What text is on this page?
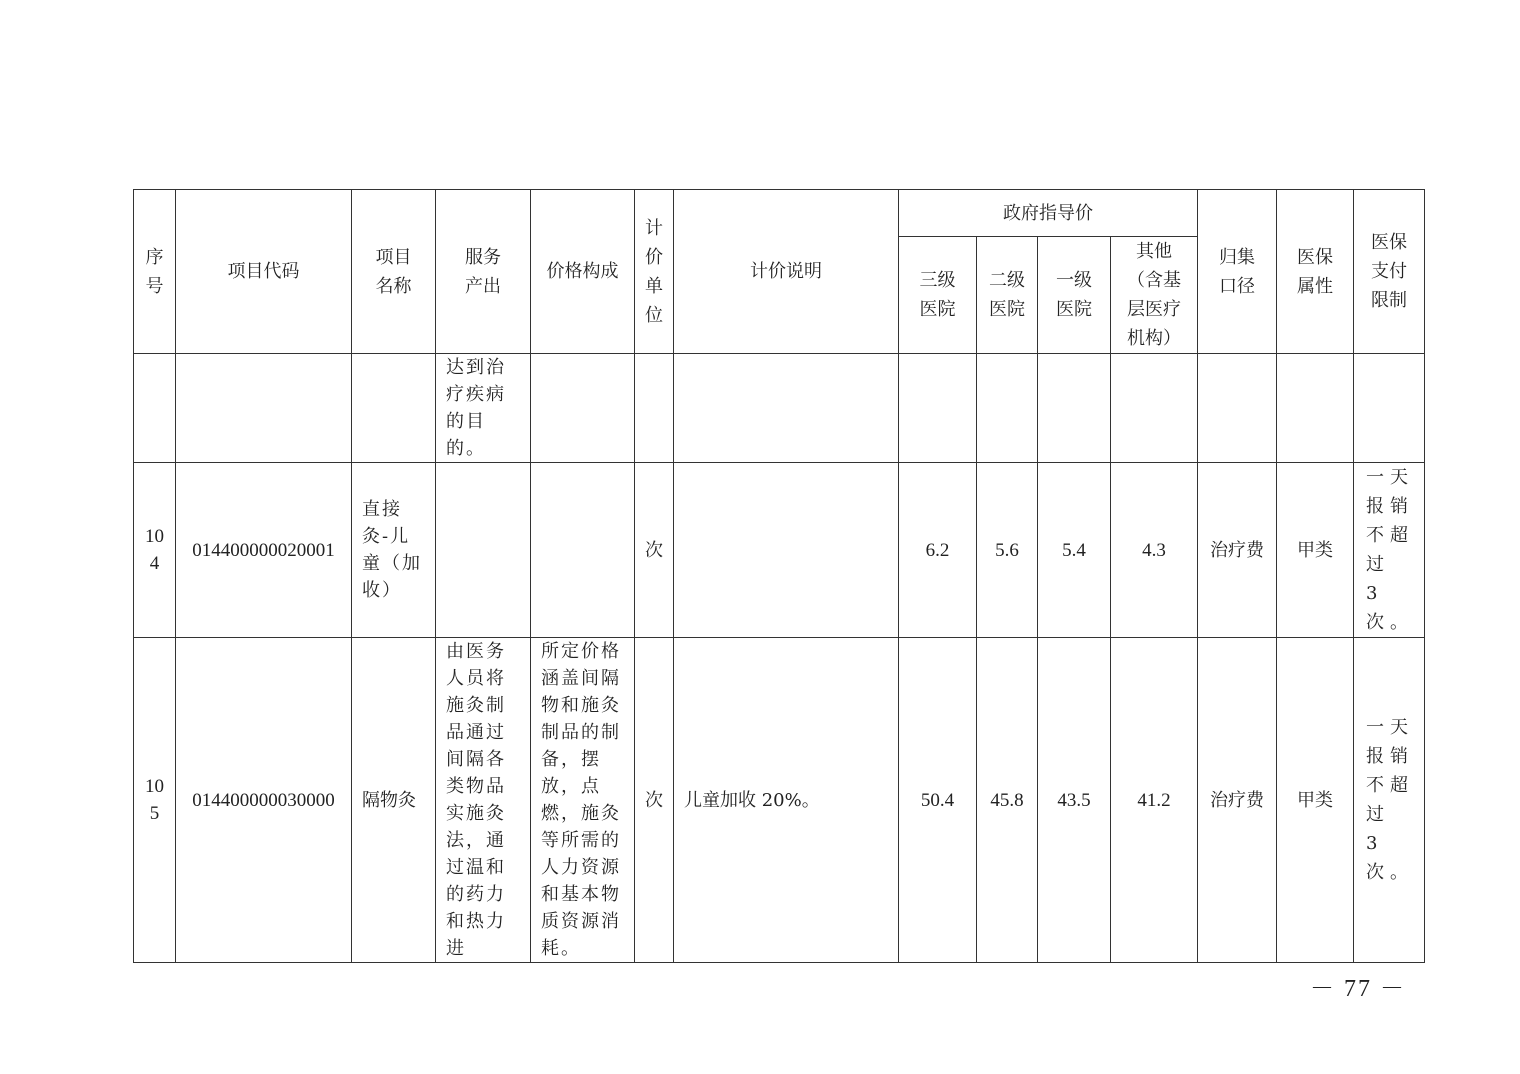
序号	项目代码	项目名称	服务产出	价格构成	计价单位	计价说明	政府指导价				归集口径	医保属性	医保支付限制

							三级医院	二级医院	一级医院	其他（含基层医疗机构）			

			达到治疗疾病的目的。										

104	014400000020001	直接灸-儿童（加收）			次		6.2	5.6	5.4	4.3	治疗费	甲类	一天报销不超过 3 次。

105	014400000030000	隔物灸	由医务人员将施灸制品通过间隔各类物品实施灸法，通过温和的药力和热力进	所定价格涵盖间隔物和施灸制品的制备，摆放，点燃，施灸等所需的人力资源和基本物质资源消耗。	次	儿童加收 20%。	50.4	45.8	43.5	41.2	治疗费	甲类	一天报销不超过 3 次。
－ 77 －
